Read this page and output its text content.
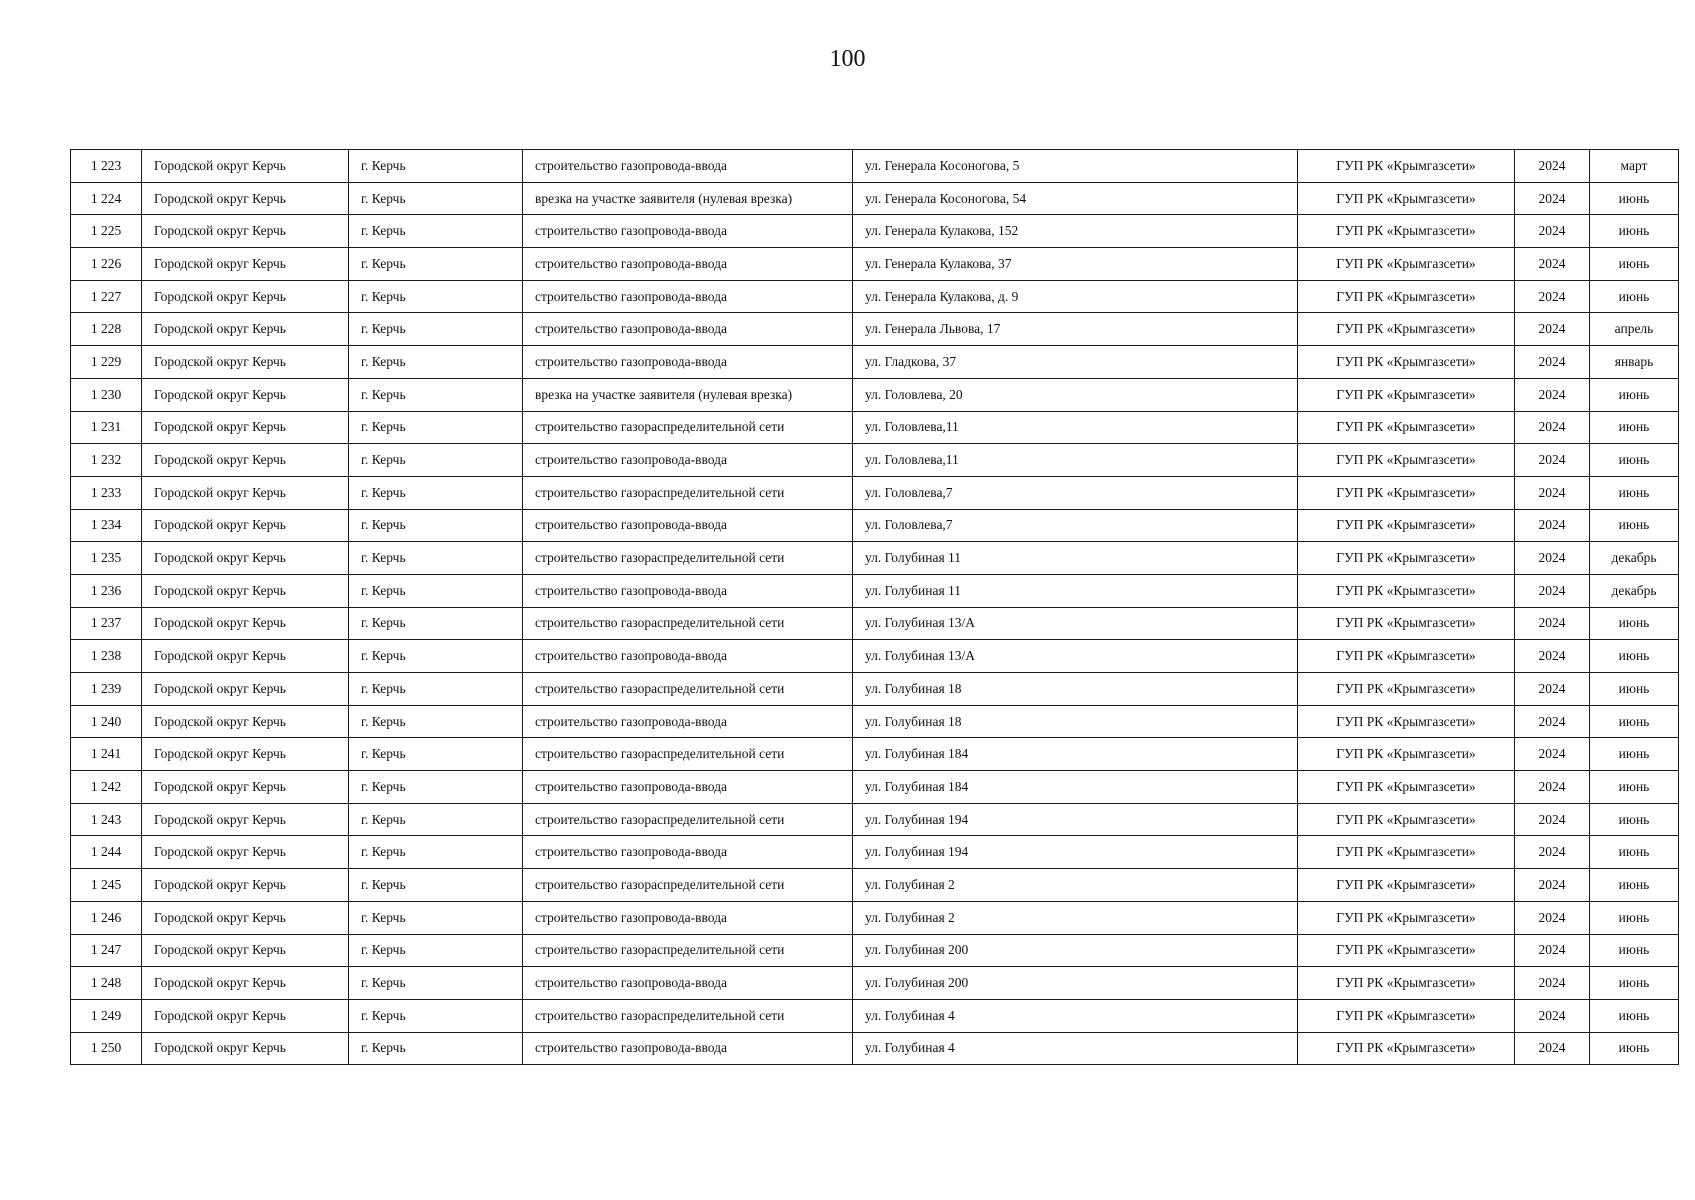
100
1 223	Городской округ Керчь	г. Керчь	строительство газопровода-ввода	ул. Генерала Косоногова, 5	ГУП РК «Крымгазсети»	2024	март
1 224	Городской округ Керчь	г. Керчь	врезка на участке заявителя (нулевая врезка)	ул. Генерала Косоногова, 54	ГУП РК «Крымгазсети»	2024	июнь
1 225	Городской округ Керчь	г. Керчь	строительство газопровода-ввода	ул. Генерала Кулакова, 152	ГУП РК «Крымгазсети»	2024	июнь
1 226	Городской округ Керчь	г. Керчь	строительство газопровода-ввода	ул. Генерала Кулакова, 37	ГУП РК «Крымгазсети»	2024	июнь
1 227	Городской округ Керчь	г. Керчь	строительство газопровода-ввода	ул. Генерала Кулакова, д. 9	ГУП РК «Крымгазсети»	2024	июнь
1 228	Городской округ Керчь	г. Керчь	строительство газопровода-ввода	ул. Генерала Львова, 17	ГУП РК «Крымгазсети»	2024	апрель
1 229	Городской округ Керчь	г. Керчь	строительство газопровода-ввода	ул. Гладкова, 37	ГУП РК «Крымгазсети»	2024	январь
1 230	Городской округ Керчь	г. Керчь	врезка на участке заявителя (нулевая врезка)	ул. Головлева, 20	ГУП РК «Крымгазсети»	2024	июнь
1 231	Городской округ Керчь	г. Керчь	строительство газораспределительной сети	ул. Головлева,11	ГУП РК «Крымгазсети»	2024	июнь
1 232	Городской округ Керчь	г. Керчь	строительство газопровода-ввода	ул. Головлева,11	ГУП РК «Крымгазсети»	2024	июнь
1 233	Городской округ Керчь	г. Керчь	строительство газораспределительной сети	ул. Головлева,7	ГУП РК «Крымгазсети»	2024	июнь
1 234	Городской округ Керчь	г. Керчь	строительство газопровода-ввода	ул. Головлева,7	ГУП РК «Крымгазсети»	2024	июнь
1 235	Городской округ Керчь	г. Керчь	строительство газораспределительной сети	ул. Голубиная 11	ГУП РК «Крымгазсети»	2024	декабрь
1 236	Городской округ Керчь	г. Керчь	строительство газопровода-ввода	ул. Голубиная 11	ГУП РК «Крымгазсети»	2024	декабрь
1 237	Городской округ Керчь	г. Керчь	строительство газораспределительной сети	ул. Голубиная 13/А	ГУП РК «Крымгазсети»	2024	июнь
1 238	Городской округ Керчь	г. Керчь	строительство газопровода-ввода	ул. Голубиная 13/А	ГУП РК «Крымгазсети»	2024	июнь
1 239	Городской округ Керчь	г. Керчь	строительство газораспределительной сети	ул. Голубиная 18	ГУП РК «Крымгазсети»	2024	июнь
1 240	Городской округ Керчь	г. Керчь	строительство газопровода-ввода	ул. Голубиная 18	ГУП РК «Крымгазсети»	2024	июнь
1 241	Городской округ Керчь	г. Керчь	строительство газораспределительной сети	ул. Голубиная 184	ГУП РК «Крымгазсети»	2024	июнь
1 242	Городской округ Керчь	г. Керчь	строительство газопровода-ввода	ул. Голубиная 184	ГУП РК «Крымгазсети»	2024	июнь
1 243	Городской округ Керчь	г. Керчь	строительство газораспределительной сети	ул. Голубиная 194	ГУП РК «Крымгазсети»	2024	июнь
1 244	Городской округ Керчь	г. Керчь	строительство газопровода-ввода	ул. Голубиная 194	ГУП РК «Крымгазсети»	2024	июнь
1 245	Городской округ Керчь	г. Керчь	строительство газораспределительной сети	ул. Голубиная 2	ГУП РК «Крымгазсети»	2024	июнь
1 246	Городской округ Керчь	г. Керчь	строительство газопровода-ввода	ул. Голубиная 2	ГУП РК «Крымгазсети»	2024	июнь
1 247	Городской округ Керчь	г. Керчь	строительство газораспределительной сети	ул. Голубиная 200	ГУП РК «Крымгазсети»	2024	июнь
1 248	Городской округ Керчь	г. Керчь	строительство газопровода-ввода	ул. Голубиная 200	ГУП РК «Крымгазсети»	2024	июнь
1 249	Городской округ Керчь	г. Керчь	строительство газораспределительной сети	ул. Голубиная 4	ГУП РК «Крымгазсети»	2024	июнь
1 250	Городской округ Керчь	г. Керчь	строительство газопровода-ввода	ул. Голубиная 4	ГУП РК «Крымгазсети»	2024	июнь
